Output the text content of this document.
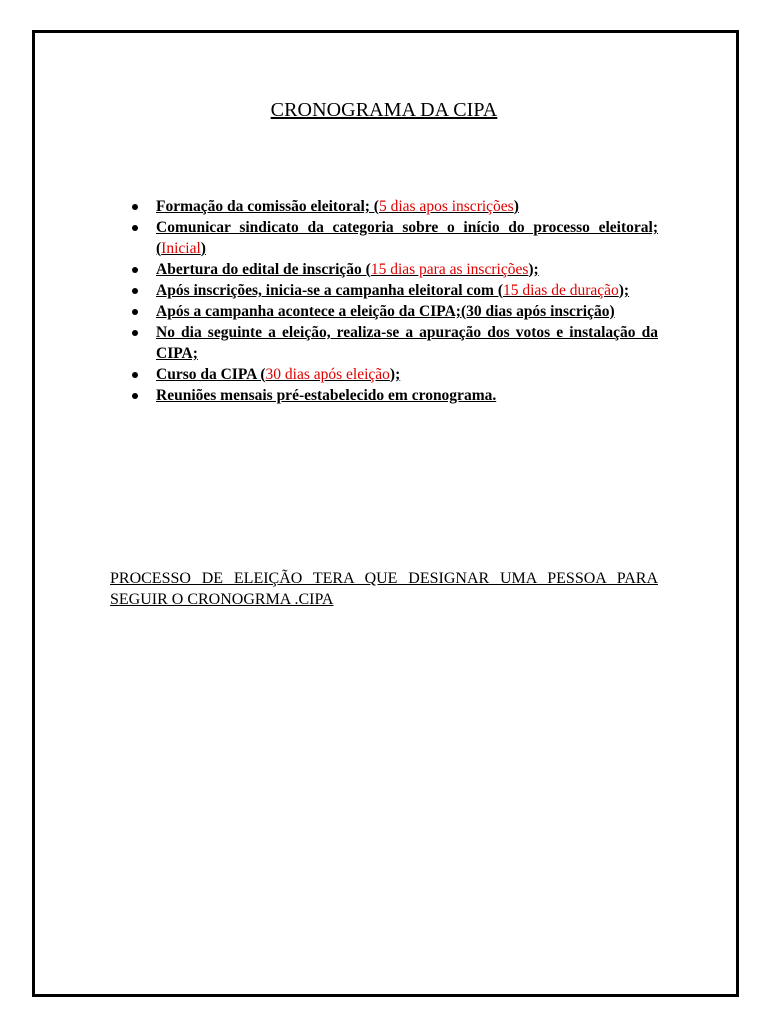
CRONOGRAMA DA CIPA
Formação da comissão eleitoral; (5 dias apos inscrições)
Comunicar sindicato da categoria sobre o início do processo eleitoral; (Inicial)
Abertura do edital de inscrição (15 dias para as inscrições);
Após inscrições, inicia-se a campanha eleitoral com (15 dias de duração);
Após a campanha acontece a eleição da CIPA;(30 dias após inscrição)
No dia seguinte a eleição, realiza-se a apuração dos votos e instalação da CIPA;
Curso da CIPA (30 dias após eleição);
Reuniões mensais pré-estabelecido em cronograma.

PROCESSO DE ELEIÇÃO TERA QUE DESIGNAR UMA PESSOA PARA SEGUIR O CRONOGRMA .CIPA
